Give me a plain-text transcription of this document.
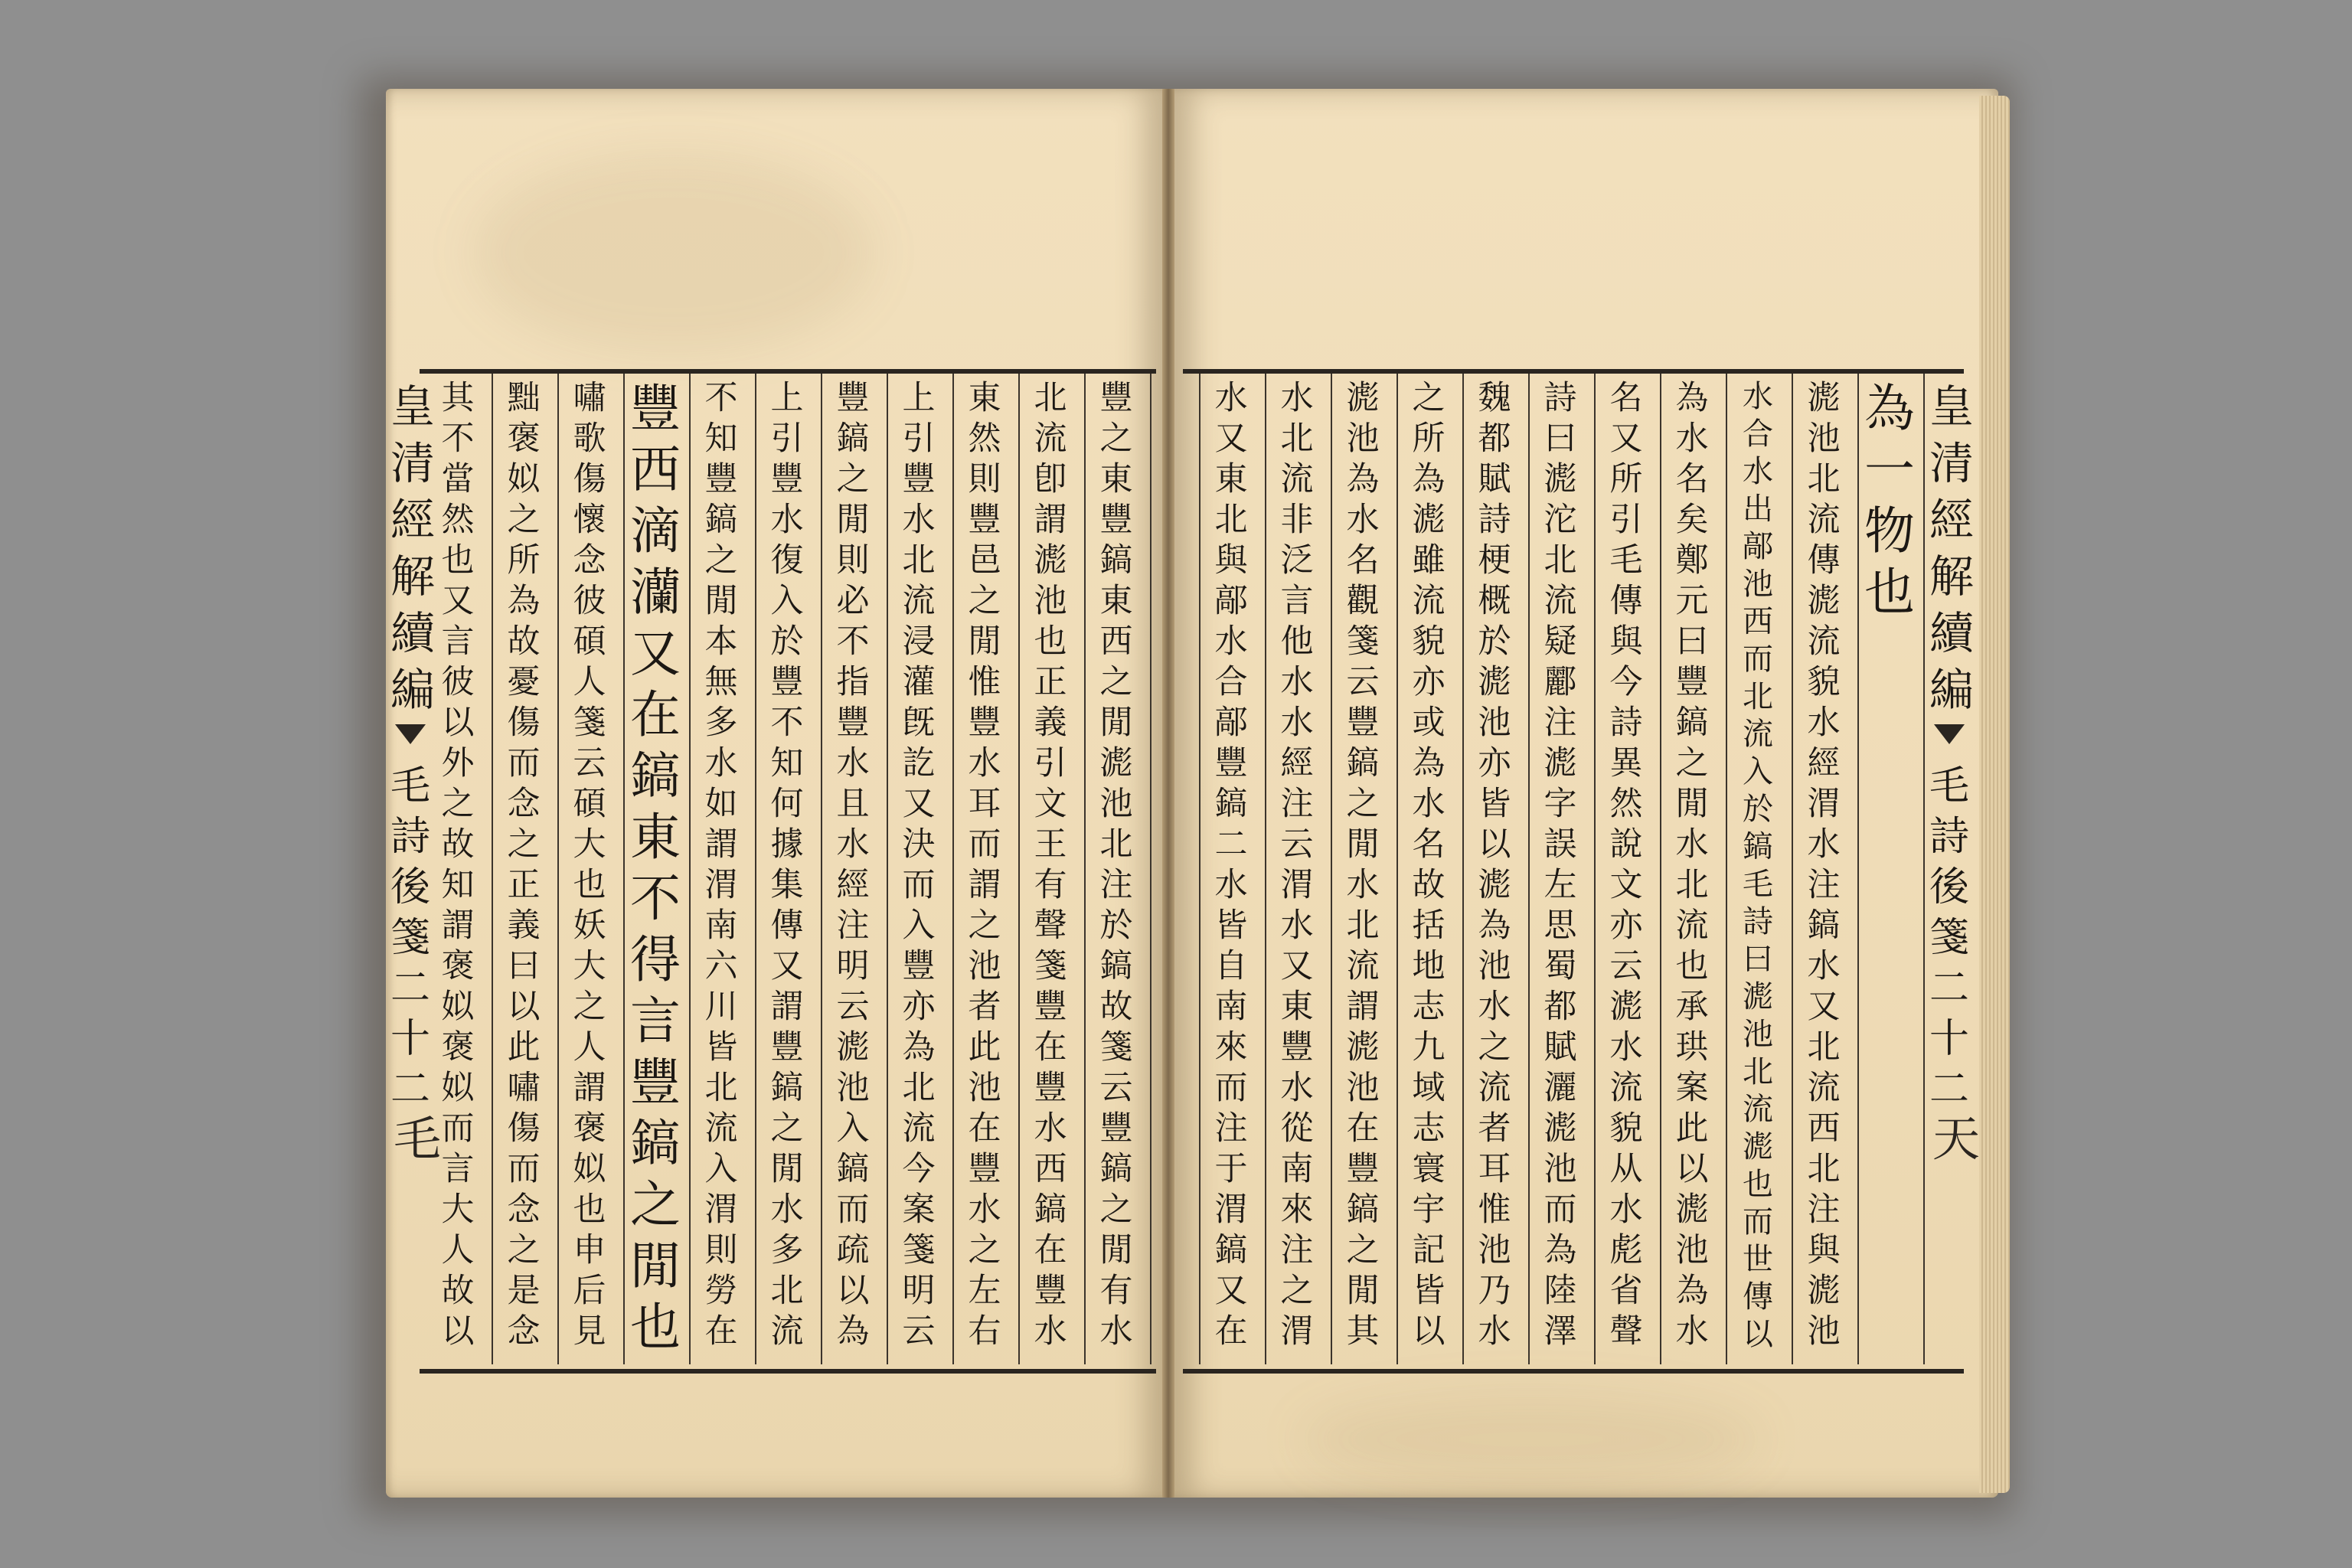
皇
清
經
解
續
編
毛
詩
後
箋
二
十
二
毛
皇
清
經
解
續
編
毛
詩
後
箋
二
十
二
天
豐
之
東
豐
鎬
東
西
之
閒
滮
池
北
注
於
鎬
故
箋
云
豐
鎬
之
閒
有
水
北
流
卽
謂
滮
池
也
正
義
引
文
王
有
聲
箋
豐
在
豐
水
西
鎬
在
豐
水
東
然
則
豐
邑
之
閒
惟
豐
水
耳
而
謂
之
池
者
此
池
在
豐
水
之
左
右
上
引
豐
水
北
流
浸
灌
旣
訖
又
決
而
入
豐
亦
為
北
流
今
案
箋
明
云
豐
鎬
之
閒
則
必
不
指
豐
水
且
水
經
注
明
云
滮
池
入
鎬
而
疏
以
為
上
引
豐
水
復
入
於
豐
不
知
何
據
集
傳
又
謂
豐
鎬
之
閒
水
多
北
流
不
知
豐
鎬
之
閒
本
無
多
水
如
謂
渭
南
六
川
皆
北
流
入
渭
則
勞
在
豐
西
滴
灡
又
在
鎬
東
不
得
言
豐
鎬
之
閒
也
嘯
歌
傷
懷
念
彼
碩
人
箋
云
碩
大
也
妖
大
之
人
謂
褒
姒
也
申
后
見
黜
褒
姒
之
所
為
故
憂
傷
而
念
之
正
義
曰
以
此
嘯
傷
而
念
之
是
念
其
不
當
然
也
又
言
彼
以
外
之
故
知
謂
褒
姒
褒
姒
而
言
大
人
故
以
為
一
物
也
滮
池
北
流
傳
滮
流
貌
水
經
渭
水
注
鎬
水
又
北
流
西
北
注
與
滮
池
水
合
水
出
鄗
池
西
而
北
流
入
於
鎬
毛
詩
曰
滮
池
北
流
滮
也
而
世
傳
以
為
水
名
矣
鄭
元
曰
豐
鎬
之
閒
水
北
流
也
承
珙
案
此
以
滮
池
為
水
名
又
所
引
毛
傳
與
今
詩
異
然
說
文
亦
云
滮
水
流
貌
从
水
彪
省
聲
詩
曰
滮
沱
北
流
疑
酈
注
滮
字
誤
左
思
蜀
都
賦
灑
滮
池
而
為
陸
澤
魏
都
賦
詩
梗
概
於
滮
池
亦
皆
以
滮
為
池
水
之
流
者
耳
惟
池
乃
水
之
所
為
滮
雖
流
貌
亦
或
為
水
名
故
括
地
志
九
域
志
寰
宇
記
皆
以
滮
池
為
水
名
觀
箋
云
豐
鎬
之
閒
水
北
流
謂
滮
池
在
豐
鎬
之
閒
其
水
北
流
非
泛
言
他
水
水
經
注
云
渭
水
又
東
豐
水
從
南
來
注
之
渭
水
又
東
北
與
鄗
水
合
鄗
豐
鎬
二
水
皆
自
南
來
而
注
于
渭
鎬
又
在
